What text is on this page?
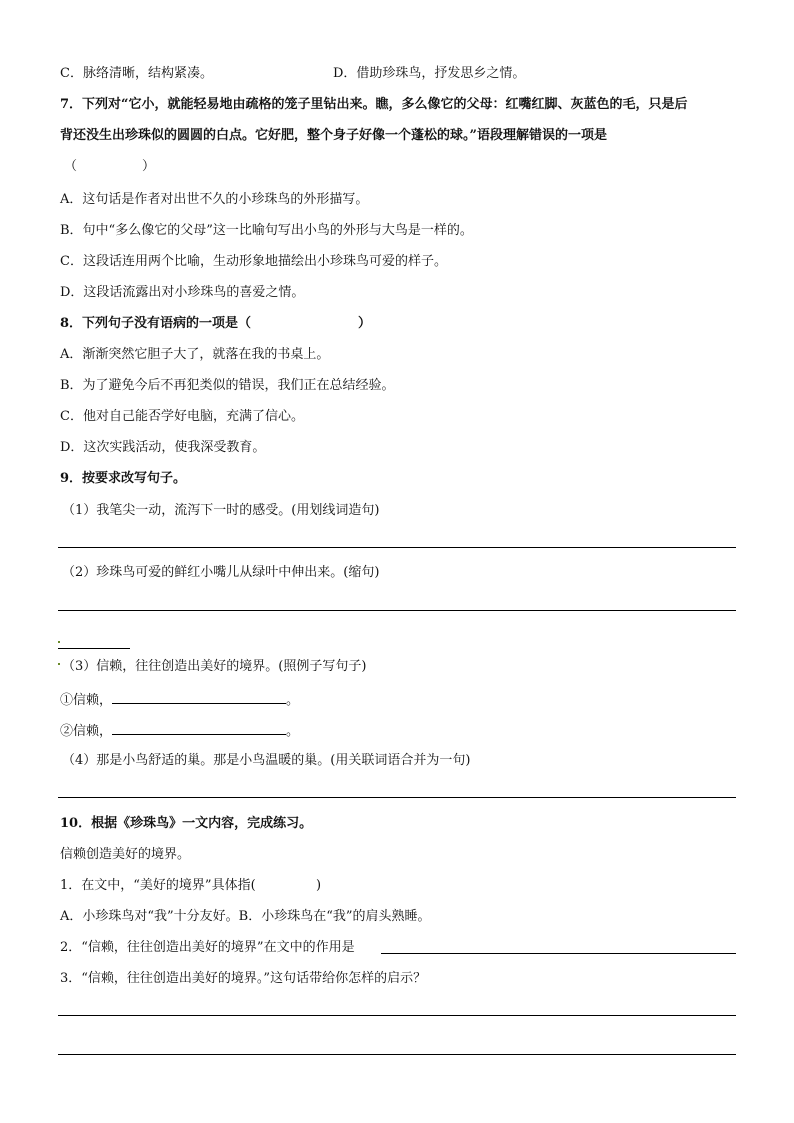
C．脉络清晰，结构紧凑。	D．借助珍珠鸟，抒发思乡之情。
7．下列对“它小，就能轻易地由疏格的笼子里钻出来。瞧，多么像它的父母：红嘴红脚、灰蓝色的毛，只是后
背还没生出珍珠似的圆圆的白点。它好肥，整个身子好像一个蓬松的球。”语段理解错误的一项是
（	）
A．这句话是作者对出世不久的小珍珠鸟的外形描写。
B．句中“多么像它的父母”这一比喻句写出小鸟的外形与大鸟是一样的。
C．这段话连用两个比喻，生动形象地描绘出小珍珠鸟可爱的样子。
D．这段话流露出对小珍珠鸟的喜爱之情。
8．下列句子没有语病的一项是（	）
A．渐渐突然它胆子大了，就落在我的书桌上。
B．为了避免今后不再犯类似的错误，我们正在总结经验。
C．他对自己能否学好电脑，充满了信心。
D．这次实践活动，使我深受教育。
9．按要求改写句子。
（1）我笔尖一动，流泻下一时的感受。(用划线词造句)
（2）珍珠鸟可爱的鲜红小嘴儿从绿叶中伸出来。(缩句)
（3）信赖，往往创造出美好的境界。(照例子写句子)
①信赖，	。
②信赖，	。
（4）那是小鸟舒适的巢。那是小鸟温暖的巢。(用关联词语合并为一句)
10．根据《珍珠鸟》一文内容，完成练习。
信赖创造美好的境界。
1．在文中，“美好的境界”具体指(	)
A．小珍珠鸟对“我”十分友好。B．小珍珠鸟在“我”的肩头熟睡。
2．“信赖，往往创造出美好的境界”在文中的作用是
3．“信赖，往往创造出美好的境界。”这句话带给你怎样的启示？
